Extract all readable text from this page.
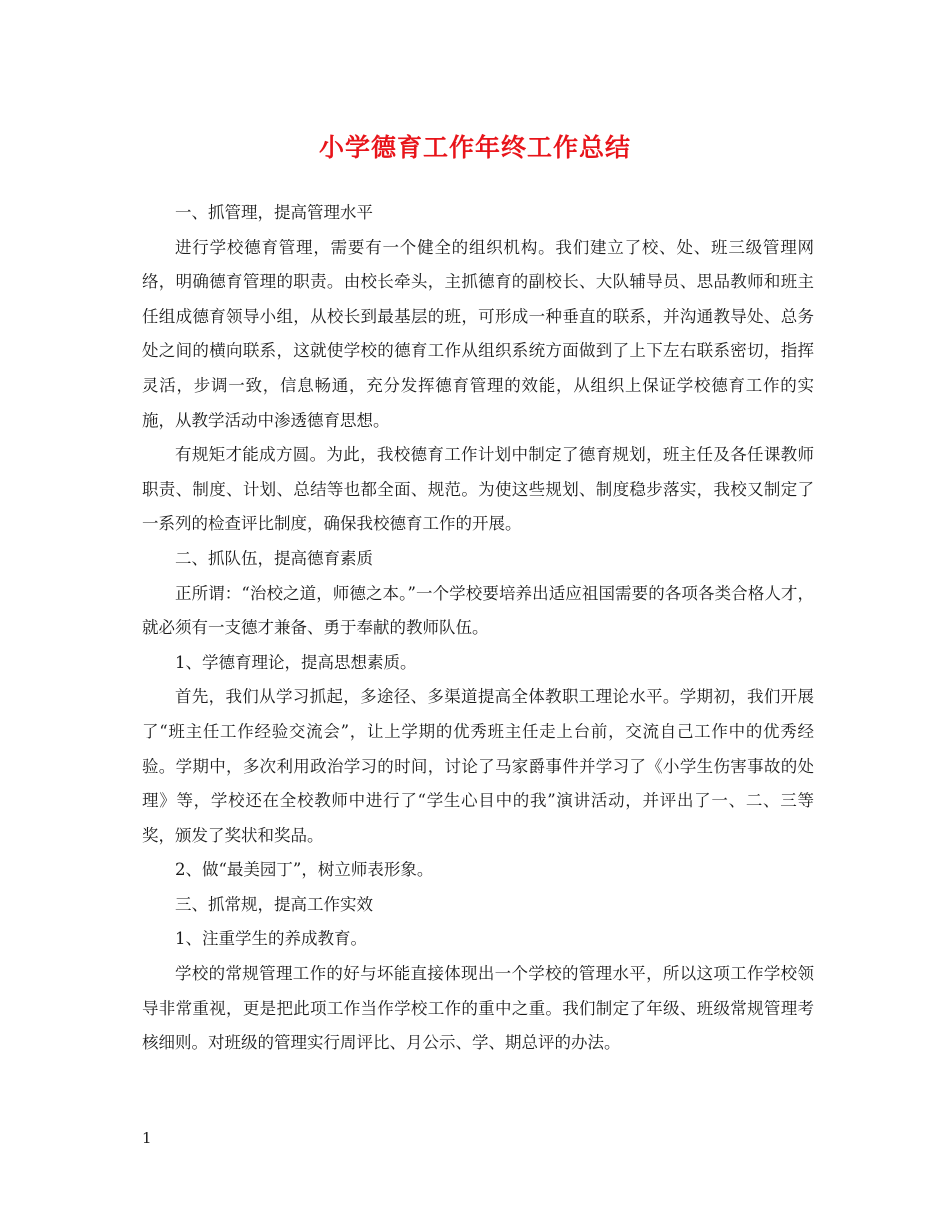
小学德育工作年终工作总结

一、抓管理，提高管理水平

进行学校德育管理，需要有一个健全的组织机构。我们建立了校、处、班三级管理网络，明确德育管理的职责。由校长牵头，主抓德育的副校长、大队辅导员、思品教师和班主任组成德育领导小组，从校长到最基层的班，可形成一种垂直的联系，并沟通教导处、总务处之间的横向联系，这就使学校的德育工作从组织系统方面做到了上下左右联系密切，指挥灵活，步调一致，信息畅通，充分发挥德育管理的效能，从组织上保证学校德育工作的实施，从教学活动中渗透德育思想。

有规矩才能成方圆。为此，我校德育工作计划中制定了德育规划，班主任及各任课教师职责、制度、计划、总结等也都全面、规范。为使这些规划、制度稳步落实，我校又制定了一系列的检查评比制度，确保我校德育工作的开展。

二、抓队伍，提高德育素质

正所谓：“治校之道，师德之本。”一个学校要培养出适应祖国需要的各项各类合格人才，就必须有一支德才兼备、勇于奉献的教师队伍。

1、学德育理论，提高思想素质。

首先，我们从学习抓起，多途径、多渠道提高全体教职工理论水平。学期初，我们开展了“班主任工作经验交流会”，让上学期的优秀班主任走上台前，交流自己工作中的优秀经验。学期中，多次利用政治学习的时间，讨论了马家爵事件并学习了《小学生伤害事故的处理》等，学校还在全校教师中进行了“学生心目中的我”演讲活动，并评出了一、二、三等奖，颁发了奖状和奖品。

2、做“最美园丁”，树立师表形象。

三、抓常规，提高工作实效

1、注重学生的养成教育。

学校的常规管理工作的好与坏能直接体现出一个学校的管理水平，所以这项工作学校领导非常重视，更是把此项工作当作学校工作的重中之重。我们制定了年级、班级常规管理考核细则。对班级的管理实行周评比、月公示、学、期总评的办法。

1
